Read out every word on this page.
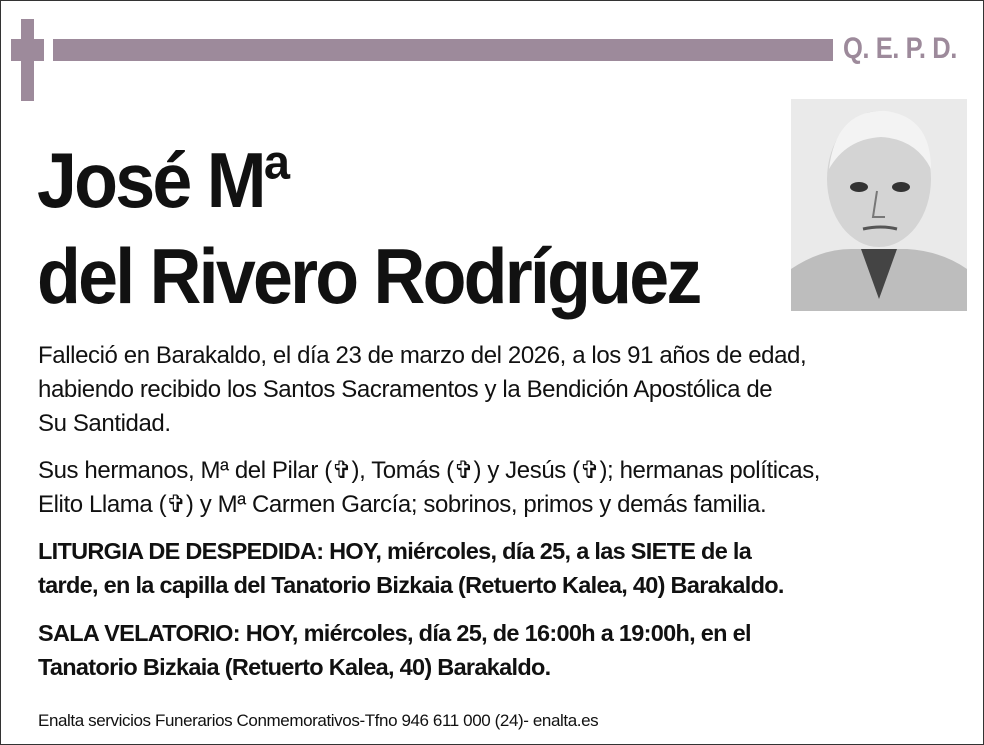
Q. E. P. D.
José Mª
del Rivero Rodríguez
Falleció en Barakaldo, el día 23 de marzo del 2026, a los 91 años de edad,
habiendo recibido los Santos Sacramentos y la Bendición Apostólica de
Su Santidad.
Sus hermanos, Mª del Pilar (✞), Tomás (✞) y Jesús (✞); hermanas políticas,
Elito Llama (✞) y Mª Carmen García; sobrinos, primos y demás familia.
LITURGIA DE DESPEDIDA: HOY, miércoles, día 25, a las SIETE de la
tarde, en la capilla del Tanatorio Bizkaia (Retuerto Kalea, 40) Barakaldo.
SALA VELATORIO: HOY, miércoles, día 25, de 16:00h a 19:00h, en el
Tanatorio Bizkaia (Retuerto Kalea, 40) Barakaldo.
Enalta servicios Funerarios Conmemorativos-Tfno 946 611 000 (24)- enalta.es
